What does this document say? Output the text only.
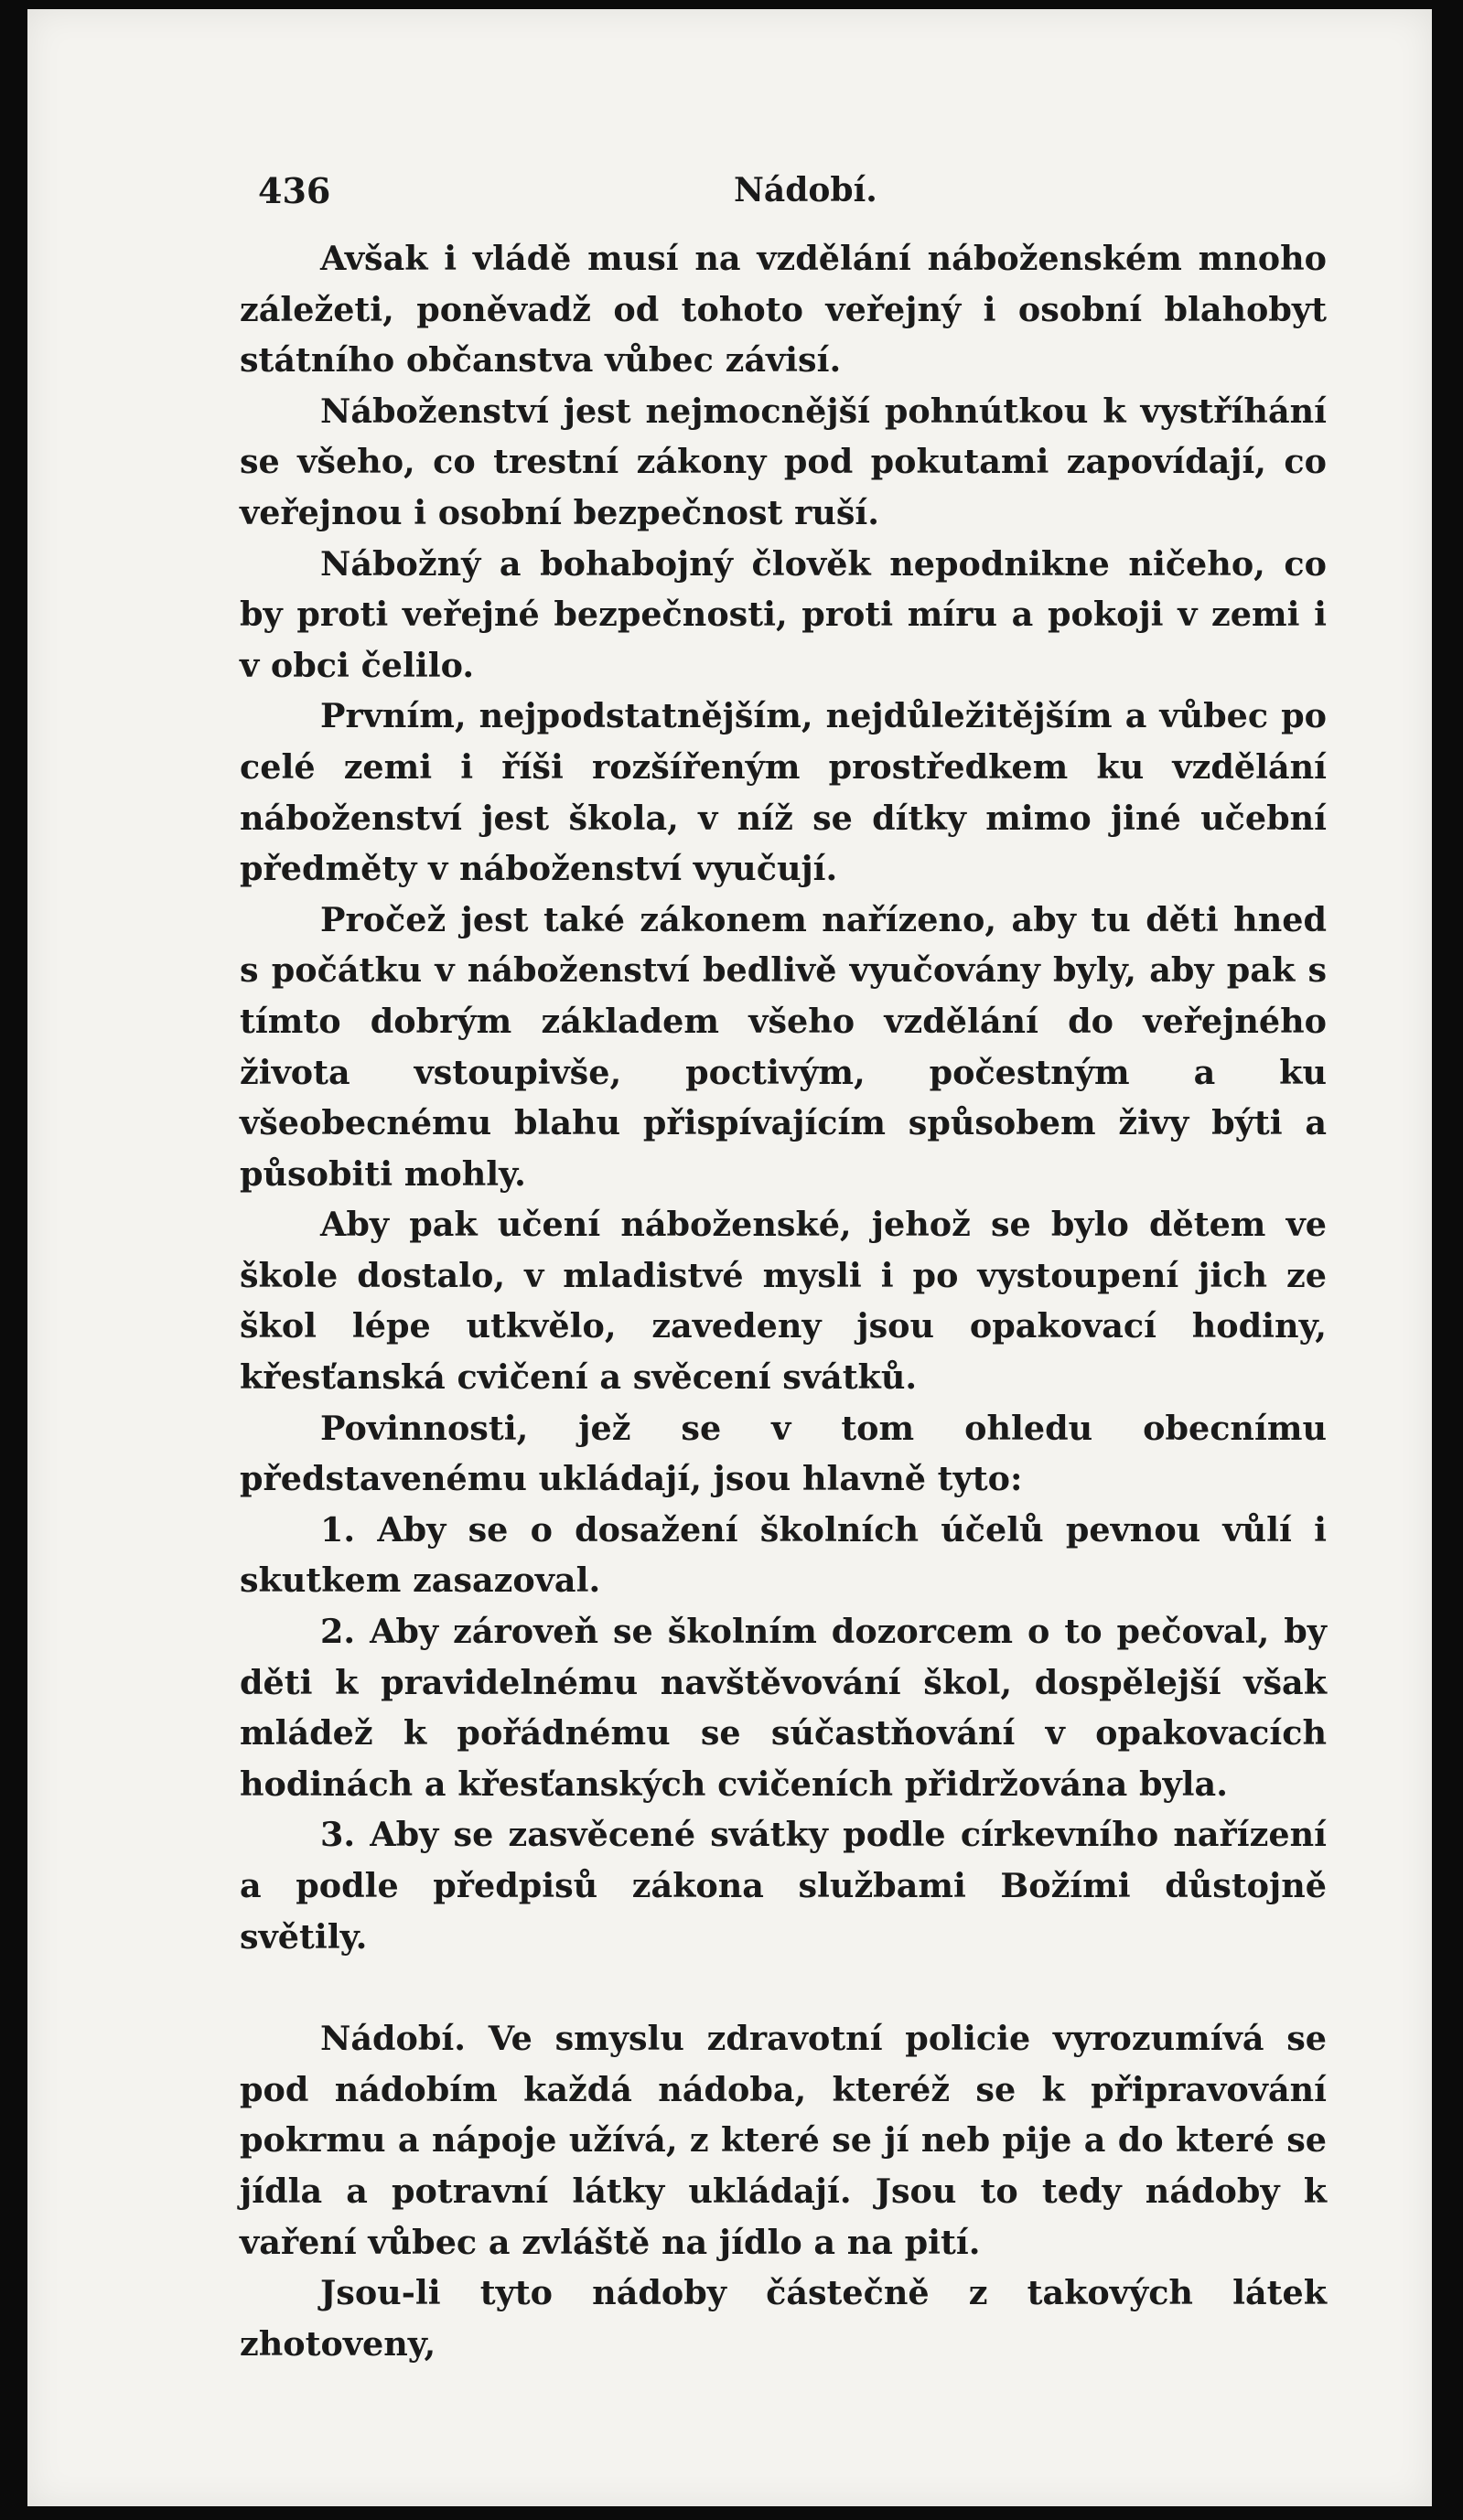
436	Nádobí.

Avšak i vládě musí na vzdělání náboženském mnoho záležeti, poněvadž od tohoto veřejný i osobní blahobyt státního občanstva vůbec závisí.

Náboženství jest nejmocnější pohnútkou k vystříhání se všeho, co trestní zákony pod pokutami zapovídají, co veřejnou i osobní bezpečnost ruší.

Nábožný a bohabojný člověk nepodnikne ničeho, co by proti veřejné bezpečnosti, proti míru a pokoji v zemi i v obci čelilo.

Prvním, nejpodstatnějším, nejdůležitějším a vůbec po celé zemi i říši rozšířeným prostředkem ku vzdělání náboženství jest škola, v níž se dítky mimo jiné učební předměty v náboženství vyučují.

Pročež jest také zákonem nařízeno, aby tu děti hned s počátku v náboženství bedlivě vyučovány byly, aby pak s tímto dobrým základem všeho vzdělání do veřejného života vstoupivše, poctivým, počestným a ku všeobecnému blahu přispívajícím spůsobem živy býti a působiti mohly.

Aby pak učení náboženské, jehož se bylo dětem ve škole dostalo, v mladistvé mysli i po vystoupení jich ze škol lépe utkvělo, zavedeny jsou opakovací hodiny, křesťanská cvičení a svěcení svátků.

Povinnosti, jež se v tom ohledu obecnímu představenému ukládají, jsou hlavně tyto:

1. Aby se o dosažení školních účelů pevnou vůlí i skutkem zasazoval.

2. Aby zároveň se školním dozorcem o to pečoval, by děti k pravidelnému navštěvování škol, dospělejší však mládež k pořádnému se súčastňování v opakovacích hodinách a křesťanských cvičeních přidržována byla.

3. Aby se zasvěcené svátky podle církevního nařízení a podle předpisů zákona službami Božími důstojně světily.

Nádobí. Ve smyslu zdravotní policie vyrozumívá se pod nádobím každá nádoba, kteréž se k připravování pokrmu a nápoje užívá, z které se jí neb pije a do které se jídla a potravní látky ukládají. Jsou to tedy nádoby k vaření vůbec a zvláště na jídlo a na pití.

Jsou-li tyto nádoby částečně z takových látek zhotoveny,
